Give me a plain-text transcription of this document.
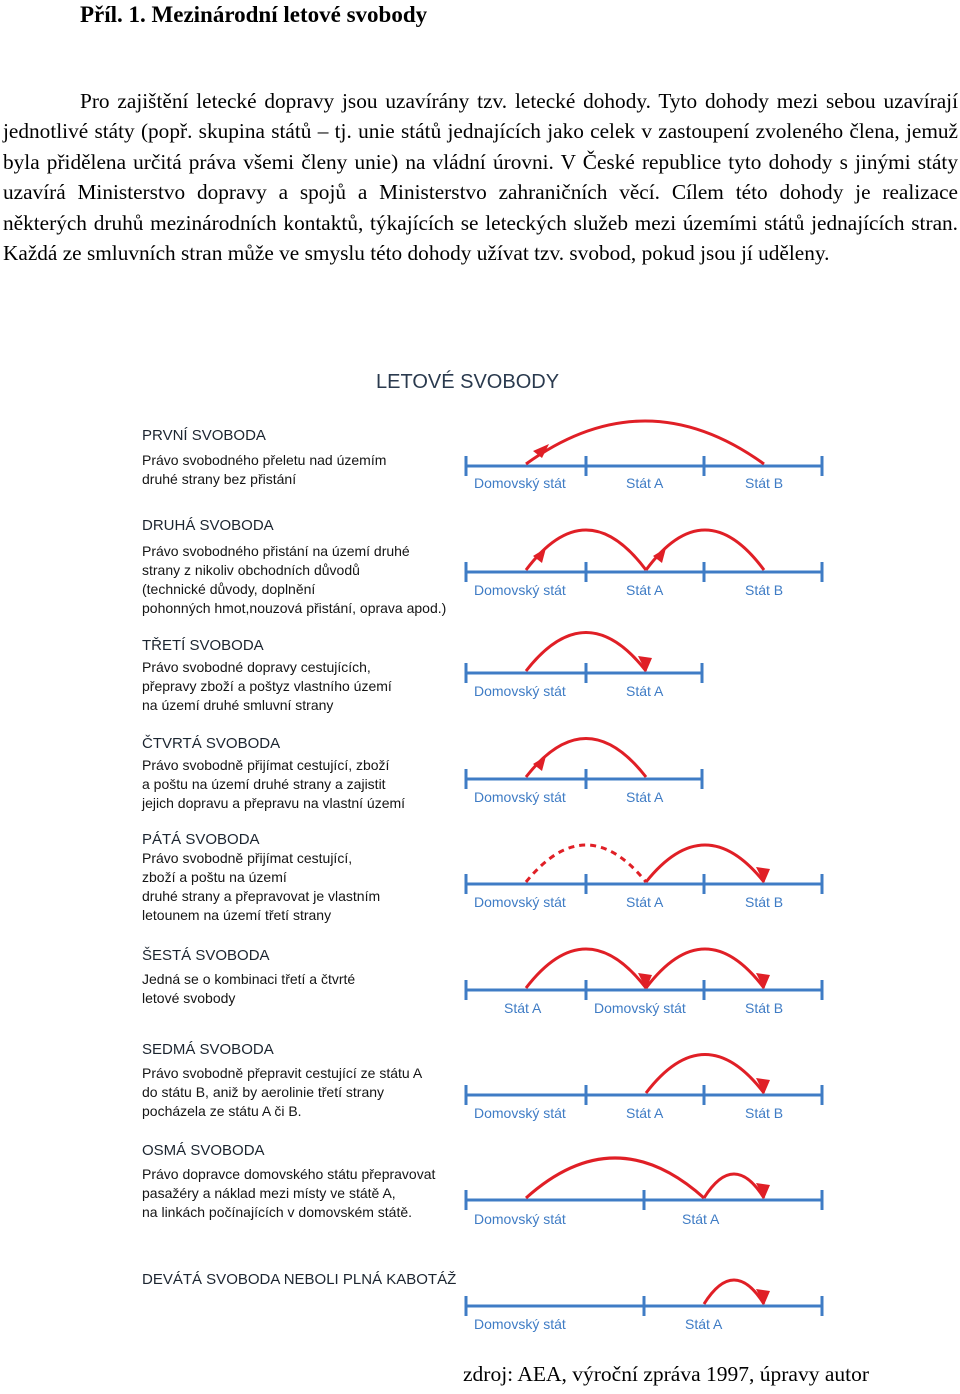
Příl. 1. Mezinárodní letové svobody

Pro zajištění letecké dopravy jsou uzavírány tzv. letecké dohody. Tyto dohody mezi sebou uzavírají jednotlivé státy (popř. skupina států – tj. unie států jednajících jako celek v zastoupení zvoleného člena, jemuž byla přidělena určitá práva všemi členy unie) na vládní úrovni. V České republice tyto dohody s jinými státy uzavírá Ministerstvo dopravy a spojů a Ministerstvo zahraničních věcí. Cílem této dohody je realizace některých druhů mezinárodních kontaktů, týkajících se leteckých služeb mezi územími států jednajících stran. Každá ze smluvních stran může ve smyslu této dohody užívat tzv. svobod, pokud jsou jí uděleny.

LETOVÉ SVOBODY
PRVNÍ SVOBODA
Právo svobodného přeletu nad územím
druhé strany bez přistání	Domovský stát	Stát A	Stát B
DRUHÁ SVOBODA
Právo svobodného přistání na území druhé
strany z nikoliv obchodních důvodů
(technické důvody, doplnění
pohonných hmot,nouzová přistání, oprava apod.)
Domovský stát	Stát A	Stát B
TŘETÍ SVOBODA
Právo svobodné dopravy cestujících,
přepravy zboží a poštyz vlastního území
na území druhé smluvní strany
Domovský stát	Stát A
ČTVRTÁ SVOBODA
Právo svobodně přijímat cestující, zboží
a poštu na území druhé strany a zajistit
jejich dopravu a přepravu na vlastní území	Domovský stát	Stát A
PÁTÁ SVOBODA
Právo svobodně přijímat cestující,
zboží a poštu na území
druhé strany a přepravovat je vlastním
letounem na území třetí strany
Domovský stát	Stát A	Stát B
ŠESTÁ SVOBODA
Jedná se o kombinaci třetí a čtvrté
letové svobody
Stát A	Domovský stát	Stát B
SEDMÁ SVOBODA
Právo svobodně přepravit cestující ze státu A
do státu B, aniž by aerolinie třetí strany
pocházela ze státu A či B.	Domovský stát	Stát A	Stát B
OSMÁ SVOBODA
Právo dopravce domovského státu přepravovat
pasažéry a náklad mezi místy ve státě A,
na linkách počínajících v domovském státě.	Domovský stát	Stát A
DEVÁTÁ SVOBODA NEBOLI PLNÁ KABOTÁŽ
Domovský stát	Stát A
zdroj: AEA, výroční zpráva 1997, úpravy autor
